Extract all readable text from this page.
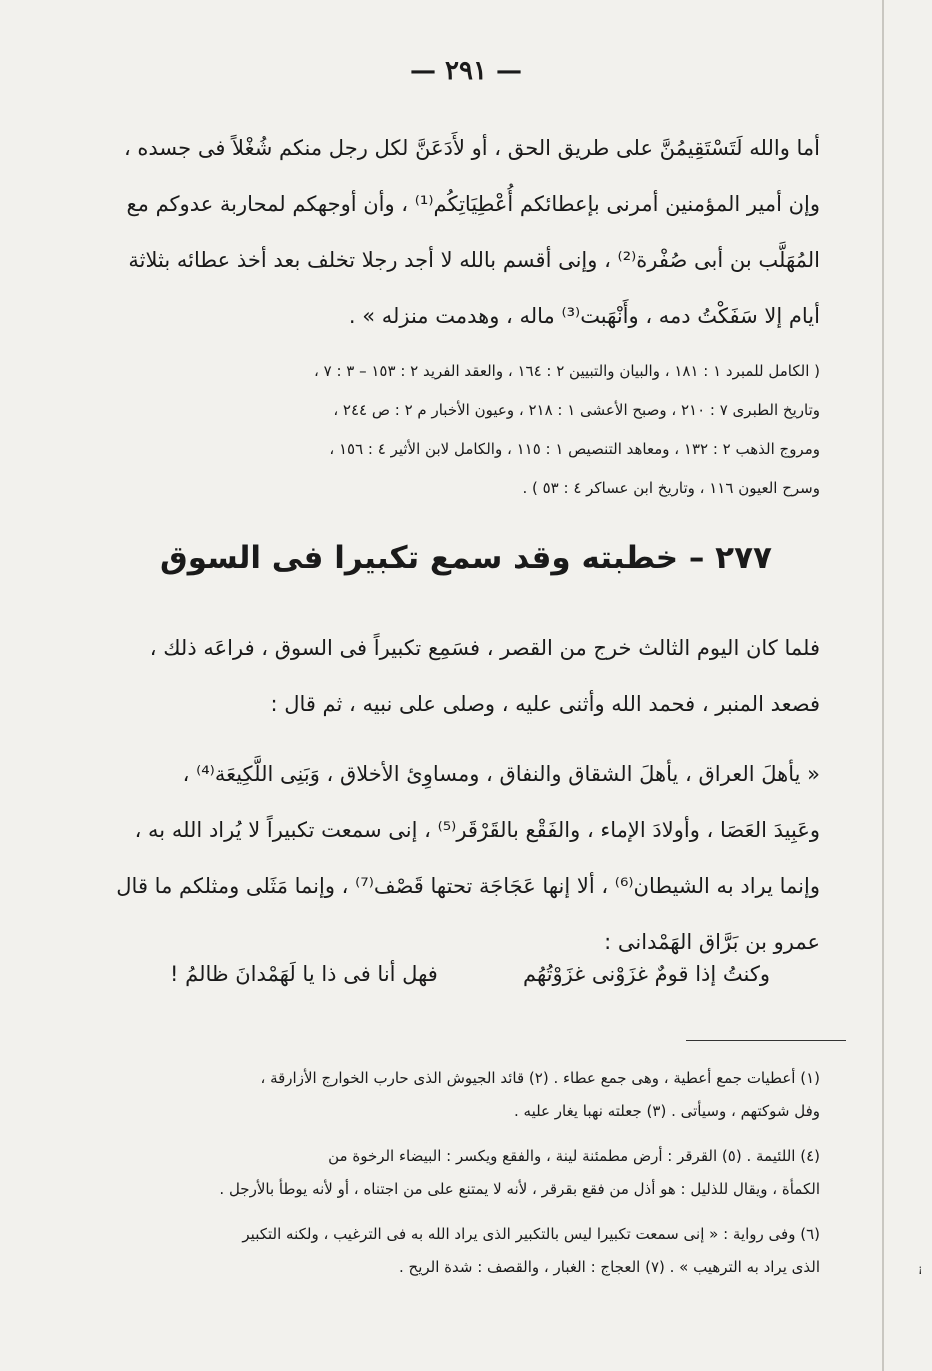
— ٢٩١ —
أما والله لَتَسْتَقِيمُنَّ على طريق الحق ، أو لأَدَعَنَّ لكل رجل منكم شُغْلاً فى جسده ،
وإن أمير المؤمنين أمرنى بإعطائكم أُعْطِيَاتِكُم⁽¹⁾ ، وأن أوجهكم لمحاربة عدوكم مع
المُهَلَّب بن أبى صُفْرة⁽²⁾ ، وإنى أقسم بالله لا أجد رجلا تخلف بعد أخذ عطائه بثلاثة
أيام إلا سَفَكْتُ دمه ، وأَنْهَبت⁽³⁾ ماله ، وهدمت منزله » .
( الكامل للمبرد ١ : ١٨١ ، والبيان والتبيين ٢ : ١٦٤ ، والعقد الفريد ٢ : ١٥٣ – ٣ : ٧ ،
وتاريخ الطبرى ٧ : ٢١٠ ، وصبح الأعشى ١ : ٢١٨ ، وعيون الأخبار م ٢ : ص ٢٤٤ ،
ومروج الذهب ٢ : ١٣٢ ، ومعاهد التنصيص ١ : ١١٥ ، والكامل لابن الأثير ٤ : ١٥٦ ،
وسرح العيون ١١٦ ، وتاريخ ابن عساكر ٤ : ٥٣ ) .
٢٧٧ – خطبته وقد سمع تكبيرا فى السوق
فلما كان اليوم الثالث خرج من القصر ، فسَمِع تكبيراً فى السوق ، فراعَه ذلك ،
فصعد المنبر ، فحمد الله وأثنى عليه ، وصلى على نبيه ، ثم قال :
« يأهلَ العراق ، يأهلَ الشقاق والنفاق ، ومساوِئ الأخلاق ، وَبَنِى اللَّكِيعَة⁽⁴⁾ ،
وعَبِيدَ العَصَا ، وأولادَ الإماء ، والفَقْع بالقَرْقَر⁽⁵⁾ ، إنى سمعت تكبيراً لا يُراد الله به ،
وإنما يراد به الشيطان⁽⁶⁾ ، ألا إنها عَجَاجَة تحتها قَصْف⁽⁷⁾ ، وإنما مَثَلى ومثلكم ما قال
عمرو بن بَرَّاق الهَمْدانى :
وكنتُ إذا قومٌ غزَوْنى غزَوْتُهُم
فهل أنا فى ذا يا لَهَمْدانَ ظالمُ !
(١) أعطيات جمع أعطية ، وهى جمع عطاء . (٢) قائد الجيوش الذى حارب الخوارج الأزارقة ،
وفل شوكتهم ، وسيأتى . (٣) جعلته نهبا يغار عليه .
(٤) اللئيمة . (٥) القرقر : أرض مطمئنة لينة ، والفقع ويكسر : البيضاء الرخوة من
الكمأة ، ويقال للذليل : هو أذل من فقع بقرقر ، لأنه لا يمتنع على من اجتناه ، أو لأنه يوطأ بالأرجل .
(٦) وفى رواية : « إنى سمعت تكبيرا ليس بالتكبير الذى يراد الله به فى الترغيب ، ولكنه التكبير
الذى يراد به الترهيب » . (٧) العجاج : الغبار ، والقصف : شدة الريح .	ꜟ
